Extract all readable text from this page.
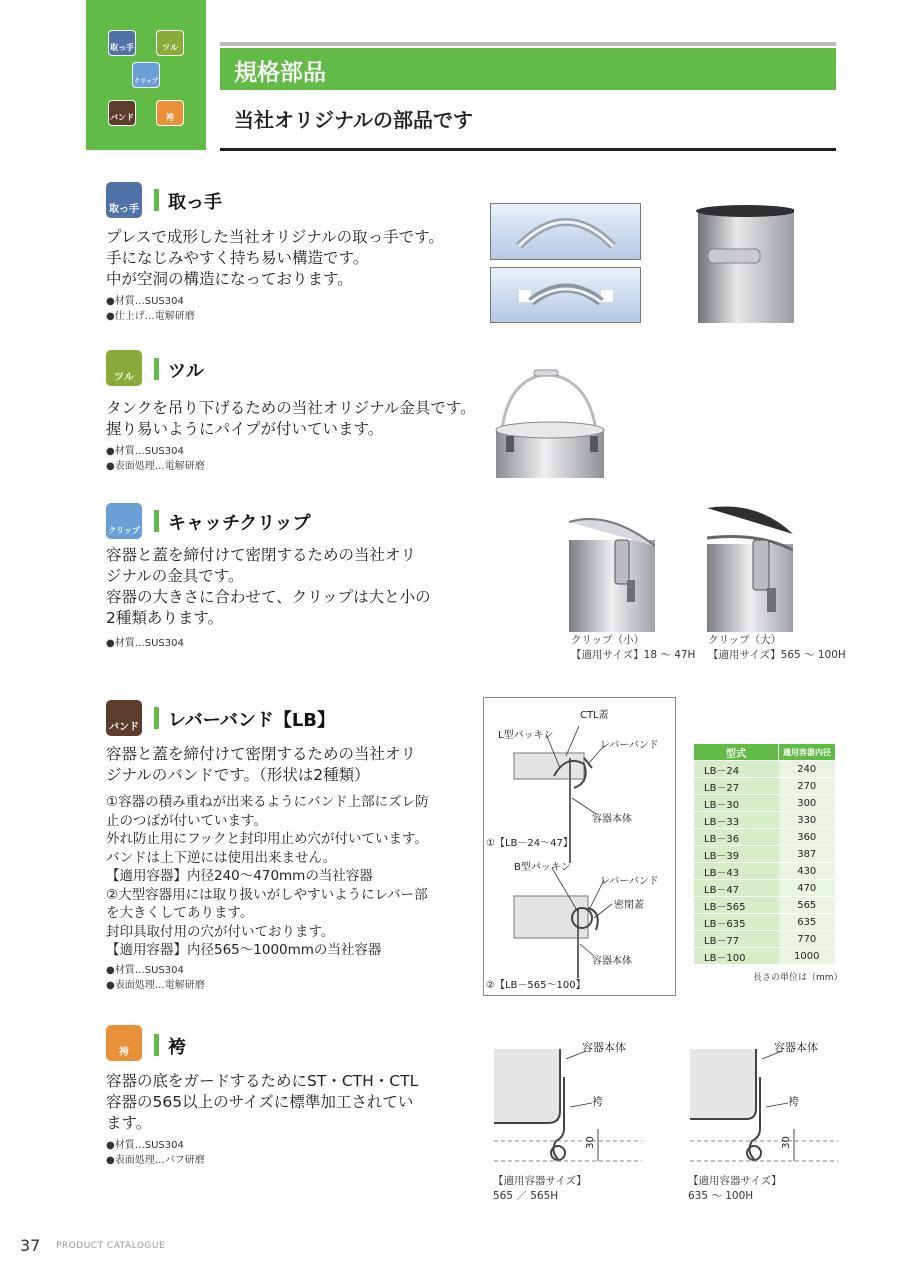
取っ手	ツル
クリップ
バンド	袴
規格部品
当社オリジナルの部品です
取っ手 取っ手
プレスで成形した当社オリジナルの取っ手です。
手になじみやすく持ち易い構造です。
中が空洞の構造になっております。
●材質…SUS304
●仕上げ…電解研磨
ツル	ツル
タンクを吊り下げるための当社オリジナル金具です。
握り易いようにパイプが付いています。
●材質…SUS304
●表面処理…電解研磨
クリップ キャッチクリップ
容器と蓋を締付けて密閉するための当社オリ
ジナルの金具です。
容器の大きさに合わせて、クリップは大と小の
2種類あります。
●材質…SUS304	クリップ（小）
【適用サイズ】18 ～ 47H
クリップ（大）
【適用サイズ】565 ～ 100H
バンド レバーバンド【LB】
容器と蓋を締付けて密閉するための当社オリ
ジナルのバンドです。（形状は2種類）
①容器の積み重ねが出来るようにバンド上部にズレ防
止のつばが付いています。
外れ防止用にフックと封印用止め穴が付いています。
バンドは上下逆には使用出来ません。
【適用容器】内径240～470mmの当社容器
②大型容器用には取り扱いがしやすいようにレバー部
を大きくしてあります。
封印具取付用の穴が付いております。
【適用容器】内径565～1000mmの当社容器
●材質…SUS304
●表面処理…電解研磨
CTL蓋
L型パッキン
レバーバンド
容器本体
①【LB－24～47】
B型パッキン
レバーバンド
密閉蓋
容器本体
②【LB－565～100】
型式	適用容器内径
LB－24	240
LB－27	270
LB－30	300
LB－33	330
LB－36	360
LB－39	387
LB－43	430
LB－47	470
LB－565	565
LB－635	635
LB－77	770
LB－100	1000
長さの単位は（mm）
袴	袴
容器の底をガードするためにST・CTH・CTL
容器の565以上のサイズに標準加工されてい
ます。
●材質…SUS304
●表面処理…バフ研磨
容器本体
袴
30
容器本体
袴
30
【適用容器サイズ】
565 ／ 565H
【適用容器サイズ】
635 ～ 100H
37 PRODUCT CATALOGUE
